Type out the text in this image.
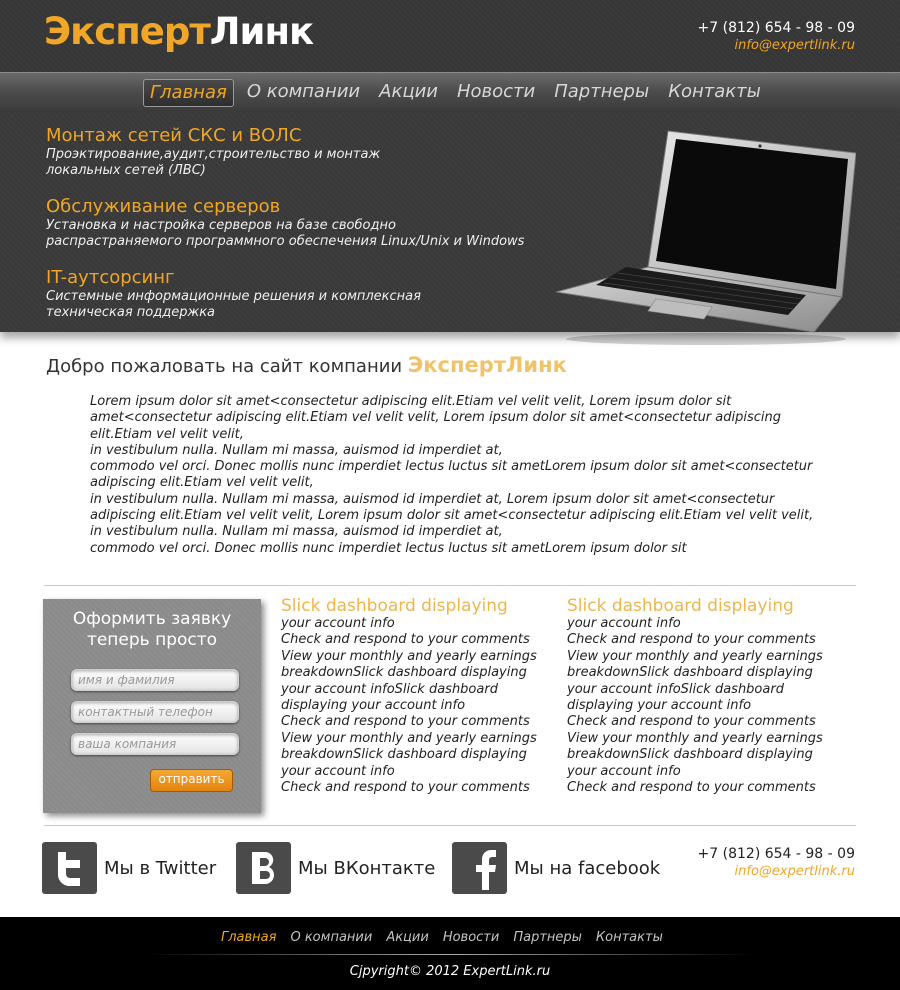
ЭкспертЛинк	+7 (812) 654 - 98 - 09
info@expertlink.ru
Главная	О компании	Акции	Новости	Партнеры	Контакты
Монтаж сетей СКС и ВОЛС

Проэктирование,аудит,строительство и монтаж

локальных сетей (ЛВС)

Обслуживание серверов

Установка и настройка серверов на базе свободно

распраcтраняемого программного обеспечения Linux/Unix и Windows

IT-аутсорсинг

Системные информационные решения и комплексная

техническая поддержка

Добро пожаловать на сайт компании ЭкспертЛинк

Lorem ipsum dolor sit amet<consectetur adipiscing elit.Etiam vel velit velit, Lorem ipsum dolor sit amet<consectetur adipiscing elit.Etiam vel velit velit, Lorem ipsum dolor sit amet<consectetur adipiscing elit.Etiam vel velit velit,

in vestibulum nulla. Nullam mi massa, auismod id imperdiet at,

commodo vel orci. Donec mollis nunc imperdiet lectus luctus sit ametLorem ipsum dolor sit amet<consectetur adipiscing elit.Etiam vel velit velit,

in vestibulum nulla. Nullam mi massa, auismod id imperdiet at, Lorem ipsum dolor sit amet<consectetur adipiscing elit.Etiam vel velit velit, Lorem ipsum dolor sit amet<consectetur adipiscing elit.Etiam vel velit velit,

in vestibulum nulla. Nullam mi massa, auismod id imperdiet at,

commodo vel orci. Donec mollis nunc imperdiet lectus luctus sit ametLorem ipsum dolor sit

Оформить заявку
теперь просто
имя и фамилия
контактный телефон
ваша компания
отправить
Slick dashboard displaying

your account info

Check and respond to your comments

View your monthly and yearly earnings breakdownSlick dashboard displaying your account infoSlick dashboard displaying your account info

Check and respond to your comments

View your monthly and yearly earnings breakdownSlick dashboard displaying your account info

Check and respond to your comments

Slick dashboard displaying

your account info

Check and respond to your comments

View your monthly and yearly earnings breakdownSlick dashboard displaying your account infoSlick dashboard displaying your account info

Check and respond to your comments

View your monthly and yearly earnings breakdownSlick dashboard displaying your account info

Check and respond to your comments

Мы в Twitter	Мы ВКонтакте	Мы на facebook
+7 (812) 654 - 98 - 09
info@expertlink.ru
Главная О компании Акции Новости Партнеры Контакты
Cjpyright© 2012 ExpertLink.ru
